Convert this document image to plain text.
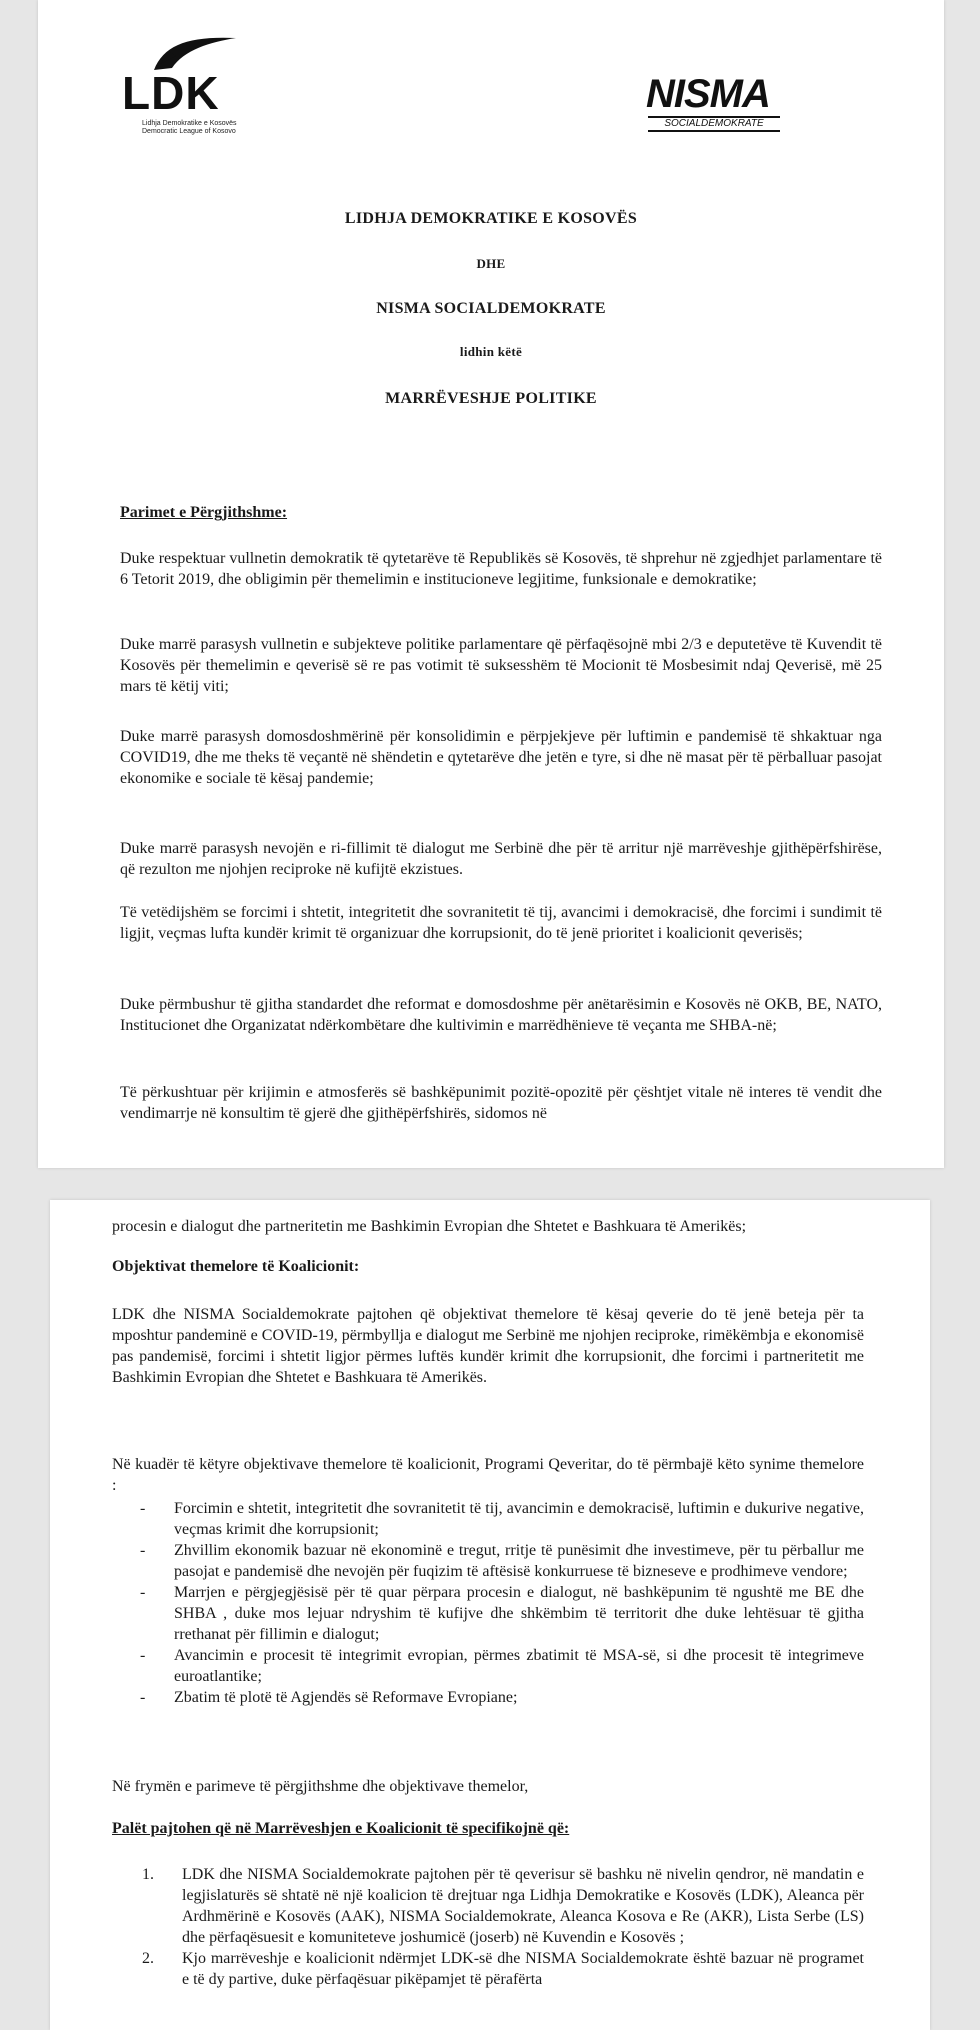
LDK
Lidhja Demokratike e Kosovës Democratic League of Kosovo
NISMA
SOCIALDEMOKRATE
LIDHJA DEMOKRATIKE E KOSOVËS
DHE
NISMA SOCIALDEMOKRATE
lidhin këtë
MARRËVESHJE POLITIKE

Parimet e Përgjithshme:

Duke respektuar vullnetin demokratik të qytetarëve të Republikës së Kosovës, të shprehur në zgjedhjet parlamentare të 6 Tetorit 2019, dhe obligimin për themelimin e institucioneve legjitime, funksionale e demokratike;

Duke marrë parasysh vullnetin e subjekteve politike parlamentare që përfaqësojnë mbi 2/3 e deputetëve të Kuvendit të Kosovës për themelimin e qeverisë së re pas votimit të suksesshëm të Mocionit të Mosbesimit ndaj Qeverisë, më 25 mars të këtij viti;

Duke marrë parasysh domosdoshmërinë për konsolidimin e përpjekjeve për luftimin e pandemisë të shkaktuar nga COVID19, dhe me theks të veçantë në shëndetin e qytetarëve dhe jetën e tyre, si dhe në masat për të përballuar pasojat ekonomike e sociale të kësaj pandemie;

Duke marrë parasysh nevojën e ri-fillimit të dialogut me Serbinë dhe për të arritur një marrëveshje gjithëpërfshirëse, që rezulton me njohjen reciproke në kufijtë ekzistues.

Të vetëdijshëm se forcimi i shtetit, integritetit dhe sovranitetit të tij, avancimi i demokracisë, dhe forcimi i sundimit të ligjit, veçmas lufta kundër krimit të organizuar dhe korrupsionit, do të jenë prioritet i koalicionit qeverisës;

Duke përmbushur të gjitha standardet dhe reformat e domosdoshme për anëtarësimin e Kosovës në OKB, BE, NATO, Institucionet dhe Organizatat ndërkombëtare dhe kultivimin e marrëdhënieve të veçanta me SHBA-në;

Të përkushtuar për krijimin e atmosferës së bashkëpunimit pozitë-opozitë për çështjet vitale në interes të vendit dhe vendimarrje në konsultim të gjerë dhe gjithëpërfshirës, sidomos në

procesin e dialogut dhe partneritetin me Bashkimin Evropian dhe Shtetet e Bashkuara të Amerikës;

Objektivat themelore të Koalicionit:

LDK dhe NISMA Socialdemokrate pajtohen që objektivat themelore të kësaj qeverie do të jenë beteja për ta mposhtur pandeminë e COVID-19, përmbyllja e dialogut me Serbinë me njohjen reciproke, rimëkëmbja e ekonomisë pas pandemisë, forcimi i shtetit ligjor përmes luftës kundër krimit dhe korrupsionit, dhe forcimi i partneritetit me Bashkimin Evropian dhe Shtetet e Bashkuara të Amerikës.

Në kuadër të këtyre objektivave themelore të koalicionit, Programi Qeveritar, do të përmbajë këto synime themelore :

- Forcimin e shtetit, integritetit dhe sovranitetit të tij, avancimin e demokracisë, luftimin e dukurive negative, veçmas krimit dhe korrupsionit;
- Zhvillim ekonomik bazuar në ekonominë e tregut, rritje të punësimit dhe investimeve, për tu përballur me pasojat e pandemisë dhe nevojën për fuqizim të aftësisë konkurruese të bizneseve e prodhimeve vendore;
- Marrjen e përgjegjësisë për të quar përpara procesin e dialogut, në bashkëpunim të ngushtë me BE dhe SHBA , duke mos lejuar ndryshim të kufijve dhe shkëmbim të territorit dhe duke lehtësuar të gjitha rrethanat për fillimin e dialogut;
- Avancimin e procesit të integrimit evropian, përmes zbatimit të MSA-së, si dhe procesit të integrimeve euroatlantike;
- Zbatim të plotë të Agjendës së Reformave Evropiane;

Në frymën e parimeve të përgjithshme dhe objektivave themelor,

Palët pajtohen që në Marrëveshjen e Koalicionit të specifikojnë që:

1. LDK dhe NISMA Socialdemokrate pajtohen për të qeverisur së bashku në nivelin qendror, në mandatin e legjislaturës së shtatë në një koalicion të drejtuar nga Lidhja Demokratike e Kosovës (LDK), Aleanca për Ardhmërinë e Kosovës (AAK), NISMA Socialdemokrate, Aleanca Kosova e Re (AKR), Lista Serbe (LS) dhe përfaqësuesit e komuniteteve joshumicë (joserb) në Kuvendin e Kosovës ;
2. Kjo marrëveshje e koalicionit ndërmjet LDK-së dhe NISMA Socialdemokrate është bazuar në programet e të dy partive, duke përfaqësuar pikëpamjet të përafërta
